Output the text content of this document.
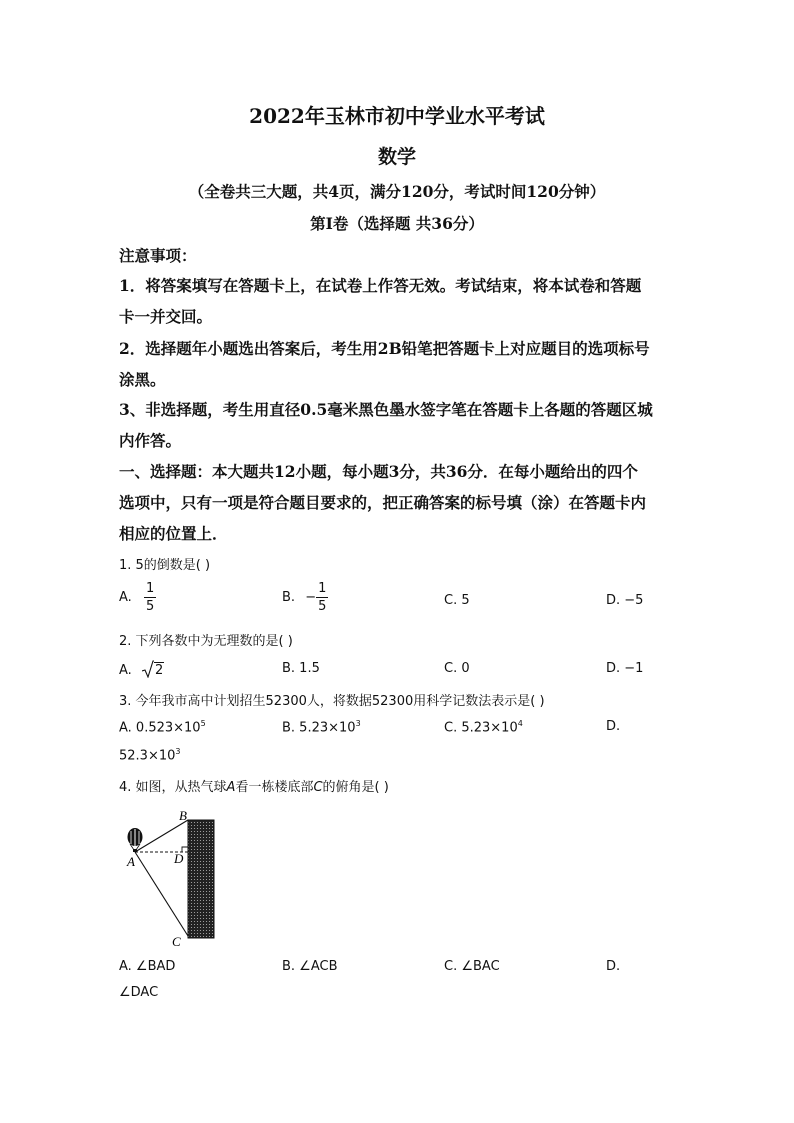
2022年玉林市初中学业水平考试
数学
（全卷共三大题，共4页，满分120分，考试时间120分钟）
第I卷（选择题 共36分）
注意事项：
1．将答案填写在答题卡上，在试卷上作答无效。考试结束，将本试卷和答题
卡一并交回。
2．选择题年小题选出答案后，考生用2B铅笔把答题卡上对应题目的选项标号
涂黑。
3、非选择题，考生用直径0.5毫米黑色墨水签字笔在答题卡上各题的答题区城
内作答。
一、选择题：本大题共12小题，每小题3分，共36分．在每小题给出的四个
选项中，只有一项是符合题目要求的，把正确答案的标号填（涂）在答题卡内
相应的位置上．
1. 5的倒数是( )
A. $\frac{1}{5}$	B. − $\frac{1}{5}$	C. 5	D. −5
2. 下列各数中为无理数的是( )
A. 2	B. 1.5	C. 0	D. −1
3. 今年我市高中计划招生52300人，将数据52300用科学记数法表示是( )
A. $0.523\times 10^5$	B. $5.23\times 10^3$	C. $5.23\times 10^4$	D.
$52.3\times 10^3$
4. 如图，从热气球A看一栋楼底部C的俯角是( )
B
A	D
C
A. ∠BAD	B. ∠ACB	C. ∠BAC	D.
∠DAC
